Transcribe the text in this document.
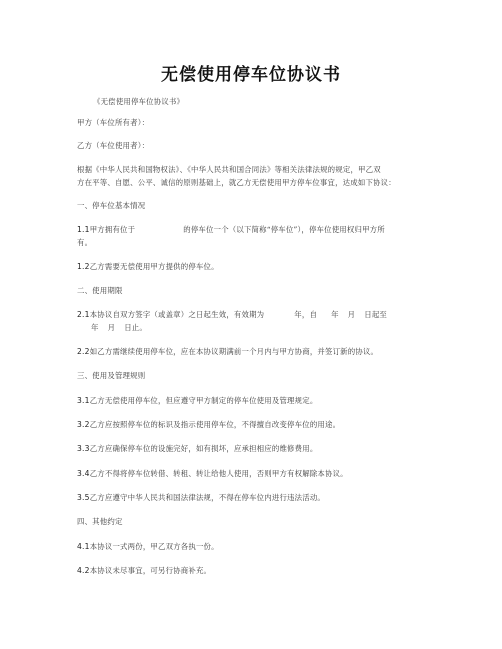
无偿使用停车位协议书
《无偿使用停车位协议书》
甲方（车位所有者）：
乙方（车位使用者）：
根据《中华人民共和国物权法》、《中华人民共和国合同法》等相关法律法规的规定，甲乙双
方在平等、自愿、公平、诚信的原则基础上，就乙方无偿使用甲方停车位事宜，达成如下协议：
一、停车位基本情况
1.1甲方拥有位于	的停车位一个（以下简称“停车位”），停车位使用权归甲方所
有。
1.2乙方需要无偿使用甲方提供的停车位。
二、使用期限
2.1本协议自双方签字（或盖章）之日起生效，有效期为	年，自 年 月 日起至
年 月 日止。
2.2如乙方需继续使用停车位，应在本协议期满前一个月内与甲方协商，并签订新的协议。
三、使用及管理规则
3.1乙方无偿使用停车位，但应遵守甲方制定的停车位使用及管理规定。
3.2乙方应按照停车位的标识及指示使用停车位，不得擅自改变停车位的用途。
3.3乙方应确保停车位的设施完好，如有损坏，应承担相应的维修费用。
3.4乙方不得将停车位转借、转租、转让给他人使用，否则甲方有权解除本协议。
3.5乙方应遵守中华人民共和国法律法规，不得在停车位内进行违法活动。
四、其他约定
4.1本协议一式两份，甲乙双方各执一份。
4.2本协议未尽事宜，可另行协商补充。
